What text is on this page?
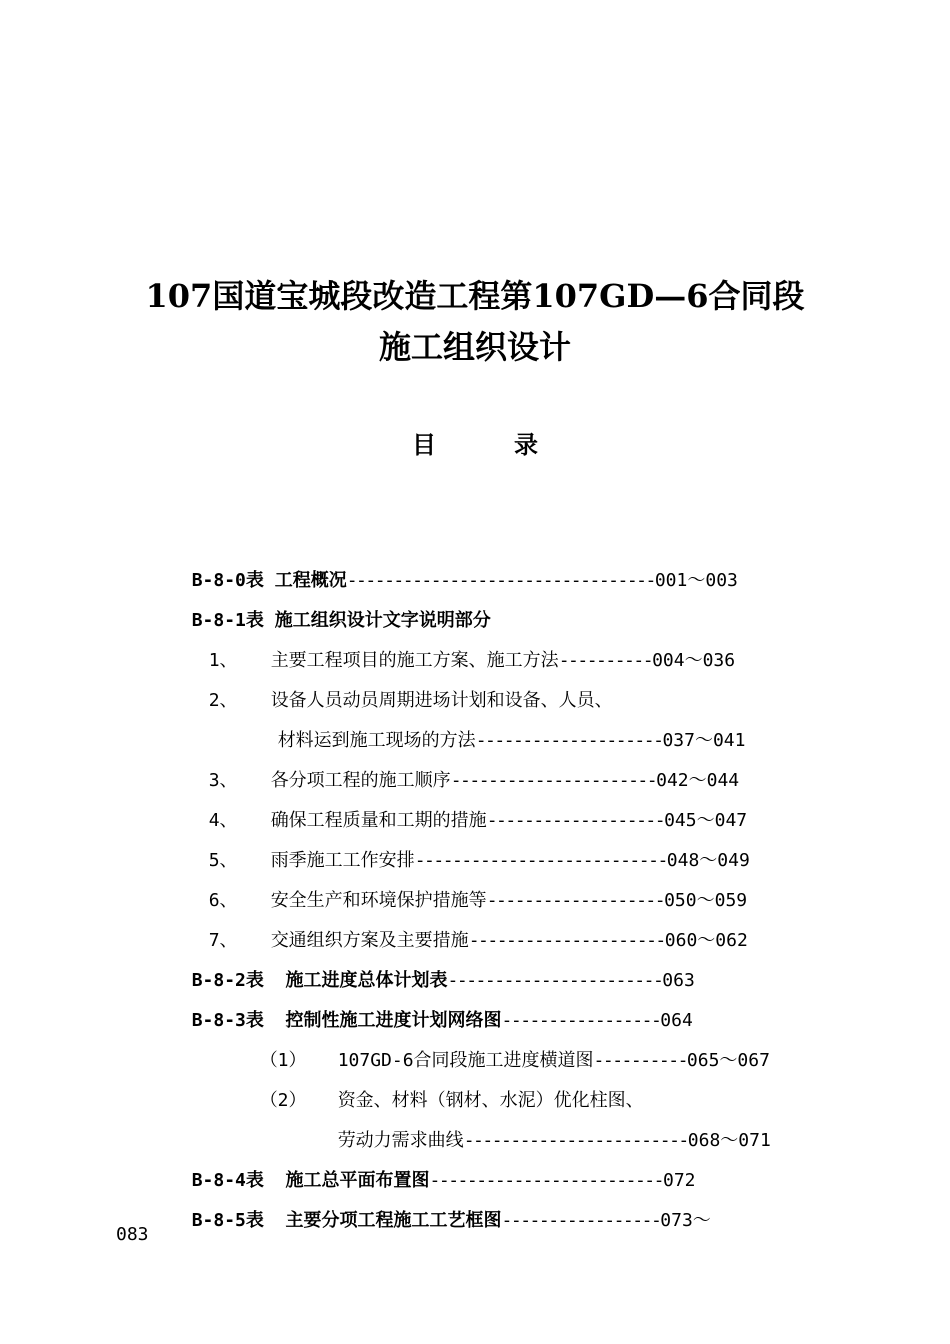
107国道宝城段改造工程第107GD—6合同段
施工组织设计
目	录

B-8-0表 工程概况---------------------------------001～003

B-8-1表 施工组织设计文字说明部分

1、 主要工程项目的施工方案、施工方法----------004～036

2、 设备人员动员周期进场计划和设备、人员、

材料运到施工现场的方法--------------------037～041

3、 各分项工程的施工顺序----------------------042～044

4、 确保工程质量和工期的措施-------------------045～047

5、 雨季施工工作安排---------------------------048～049

6、 安全生产和环境保护措施等-------------------050～059

7、 交通组织方案及主要措施---------------------060～062

B-8-2表  施工进度总体计划表-----------------------063

B-8-3表  控制性施工进度计划网络图-----------------064

（1） 107GD-6合同段施工进度横道图----------065～067

（2） 资金、材料（钢材、水泥）优化柱图、

劳动力需求曲线------------------------068～071

B-8-4表  施工总平面布置图-------------------------072

B-8-5表  主要分项工程施工工艺框图-----------------073～

083
